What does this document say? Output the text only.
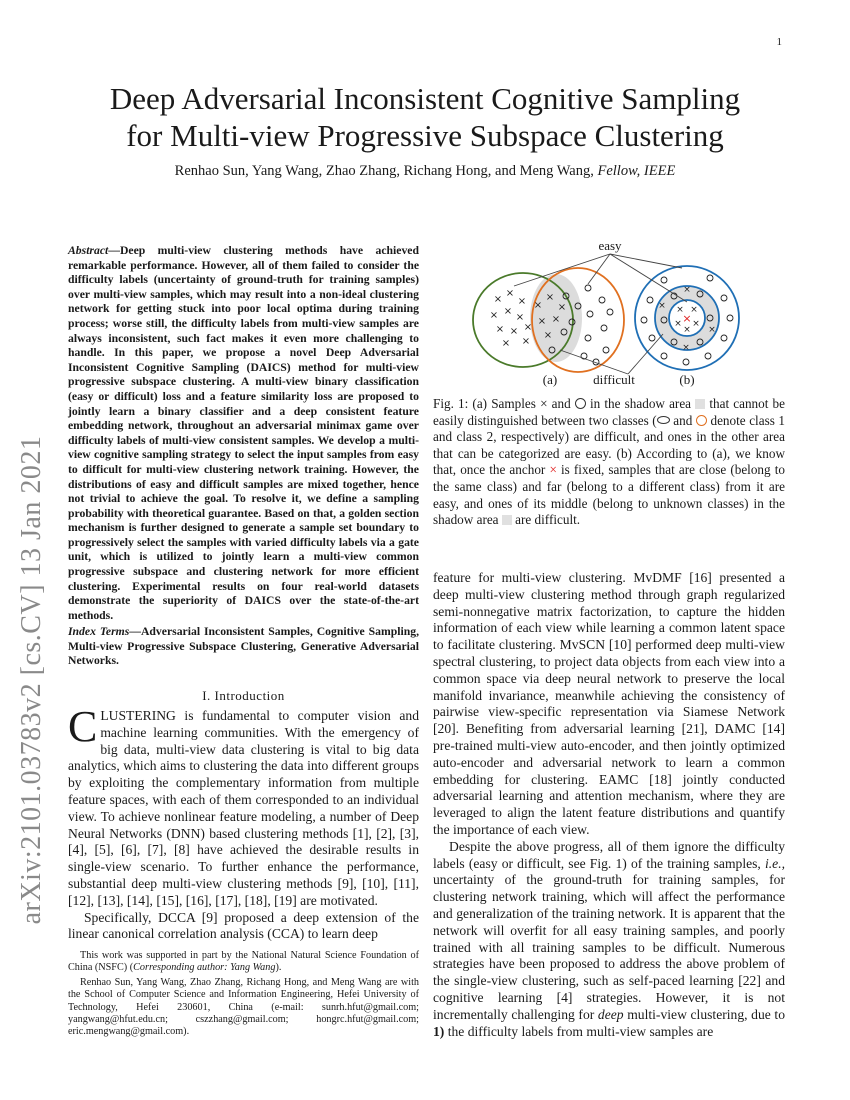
1
arXiv:2101.03783v2 [cs.CV] 13 Jan 2021
Deep Adversarial Inconsistent Cognitive Sampling
for Multi-view Progressive Subspace Clustering
Renhao Sun, Yang Wang, Zhao Zhang, Richang Hong, and Meng Wang, Fellow, IEEE
Abstract—Deep multi-view clustering methods have achieved remarkable performance. However, all of them failed to consider the difficulty labels (uncertainty of ground-truth for training samples) over multi-view samples, which may result into a non-ideal clustering network for getting stuck into poor local optima during training process; worse still, the difficulty labels from multi-view samples are always inconsistent, such fact makes it even more challenging to handle. In this paper, we propose a novel Deep Adversarial Inconsistent Cognitive Sampling (DAICS) method for multi-view progressive subspace clustering. A multi-view binary classification (easy or difficult) loss and a feature similarity loss are proposed to jointly learn a binary classifier and a deep consistent feature embedding network, throughout an adversarial minimax game over difficulty labels of multi-view consistent samples. We develop a multi-view cognitive sampling strategy to select the input samples from easy to difficult for multi-view clustering network training. However, the distributions of easy and difficult samples are mixed together, hence not trivial to achieve the goal. To resolve it, we define a sampling probability with theoretical guarantee. Based on that, a golden section mechanism is further designed to generate a sample set boundary to progressively select the samples with varied difficulty labels via a gate unit, which is utilized to jointly learn a multi-view common progressive subspace and clustering network for more efficient clustering. Experimental results on four real-world datasets demonstrate the superiority of DAICS over the state-of-the-art methods.
Index Terms—Adversarial Inconsistent Samples, Cognitive Sampling, Multi-view Progressive Subspace Clustering, Generative Adversarial Networks.
I. Introduction

CLUSTERING is fundamental to computer vision and machine learning communities. With the emergency of big data, multi-view data clustering is vital to big data analytics, which aims to clustering the data into different groups by exploiting the complementary information from multiple feature spaces, with each of them corresponded to an individual view. To achieve nonlinear feature modeling, a number of Deep Neural Networks (DNN) based clustering methods [1], [2], [3], [4], [5], [6], [7], [8] have achieved the desirable results in single-view scenario. To further enhance the performance, substantial deep multi-view clustering methods [9], [10], [11], [12], [13], [14], [15], [16], [17], [18], [19] are motivated.

Specifically, DCCA [9] proposed a deep extension of the linear canonical correlation analysis (CCA) to learn deep

This work was supported in part by the National Natural Science Foundation of China (NSFC) (Corresponding author: Yang Wang).

Renhao Sun, Yang Wang, Zhao Zhang, Richang Hong, and Meng Wang are with the School of Computer Science and Information Engineering, Hefei University of Technology, Hefei 230601, China (e-mail: sunrh.hfut@gmail.com; yangwang@hfut.edu.cn; cszzhang@gmail.com; hongrc.hfut@gmail.com; eric.mengwang@gmail.com).

×
×
×
× ×
×
× × ×
× ×
×
×
×
×
×
×
×
×
×
×
× ×
× ×
×
×
easy
(a)	difficult	(b)
Fig. 1: (a) Samples × and  in the shadow area  that cannot be easily distinguished between two classes ( and  denote class 1 and class 2, respectively) are difficult, and ones in the other area that can be categorized are easy. (b) According to (a), we know that, once the anchor × is fixed, samples that are close (belong to the same class) and far (belong to a different class) from it are easy, and ones of its middle (belong to unknown classes) in the shadow area  are difficult.

feature for multi-view clustering. MvDMF [16] presented a deep multi-view clustering method through graph regularized semi-nonnegative matrix factorization, to capture the hidden information of each view while learning a common latent space to facilitate clustering. MvSCN [10] performed deep multi-view spectral clustering, to project data objects from each view into a common space via deep neural network to preserve the local manifold invariance, meanwhile achieving the consistency of pairwise view-specific representation via Siamese Network [20]. Benefiting from adversarial learning [21], DAMC [14] pre-trained multi-view auto-encoder, and then jointly optimized auto-encoder and adversarial network to learn a common embedding for clustering. EAMC [18] jointly conducted adversarial learning and attention mechanism, where they are leveraged to align the latent feature distributions and quantify the importance of each view.

Despite the above progress, all of them ignore the difficulty labels (easy or difficult, see Fig. 1) of the training samples, i.e., uncertainty of the ground-truth for training samples, for clustering network training, which will affect the performance and generalization of the training network. It is apparent that the network will overfit for all easy training samples, and poorly trained with all training samples to be difficult. Numerous strategies have been proposed to address the above problem of the single-view clustering, such as self-paced learning [22] and cognitive learning [4] strategies. However, it is not incrementally challenging for deep multi-view clustering, due to 1) the difficulty labels from multi-view samples are
